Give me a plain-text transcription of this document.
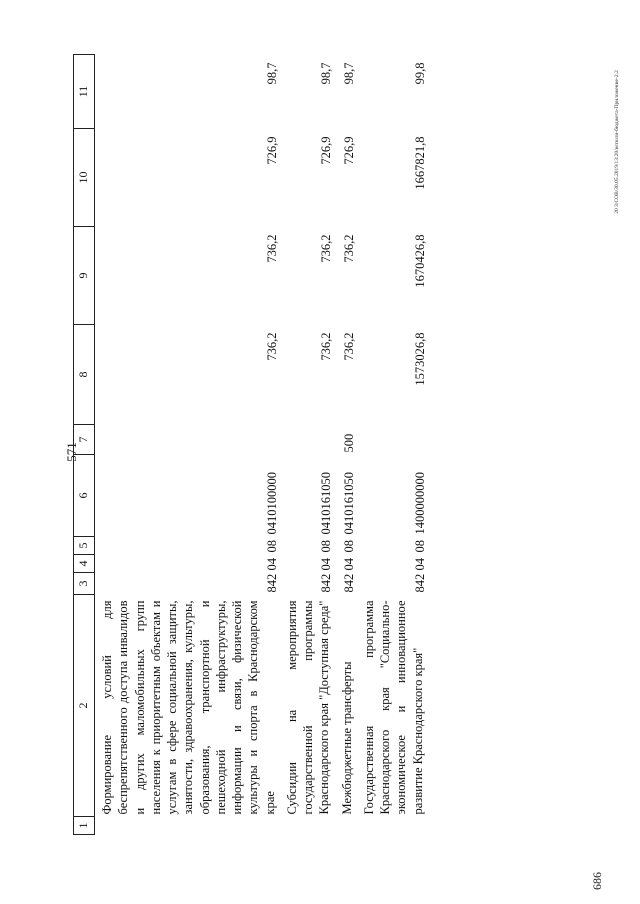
571
1	2	3	4	5	6	7	8	9	10	11
	Формирование условий для беспрепятственного доступа инвалидов и других маломобильных групп населения к приоритетным объектам и услугам в сфере социальной защиты, занятости, здравоохранения, культуры, образования, транспортной и пешеходной инфраструктуры, информации и связи, физической культуры и спорта в Краснодарском крае	842	04	08	0410100000		736,2	736,2	726,9	98,7
	Субсидии на мероприятия государственной программы Краснодарского края "Доступная среда"	842	04	08	0410161050		736,2	736,2	726,9	98,7
	Межбюджетные трансферты	842	04	08	0410161050	500	736,2	736,2	726,9	98,7
	Государственная программа Краснодарского края "Социально-экономическое и инновационное развитие Краснодарского края"	842	04	08	1400000000		1573026,8	1670426,8	1667821,8	99,8	20 З/СОВ/30.05.2019/13:20/исполн-бюджета-Приложение-2.2
686
